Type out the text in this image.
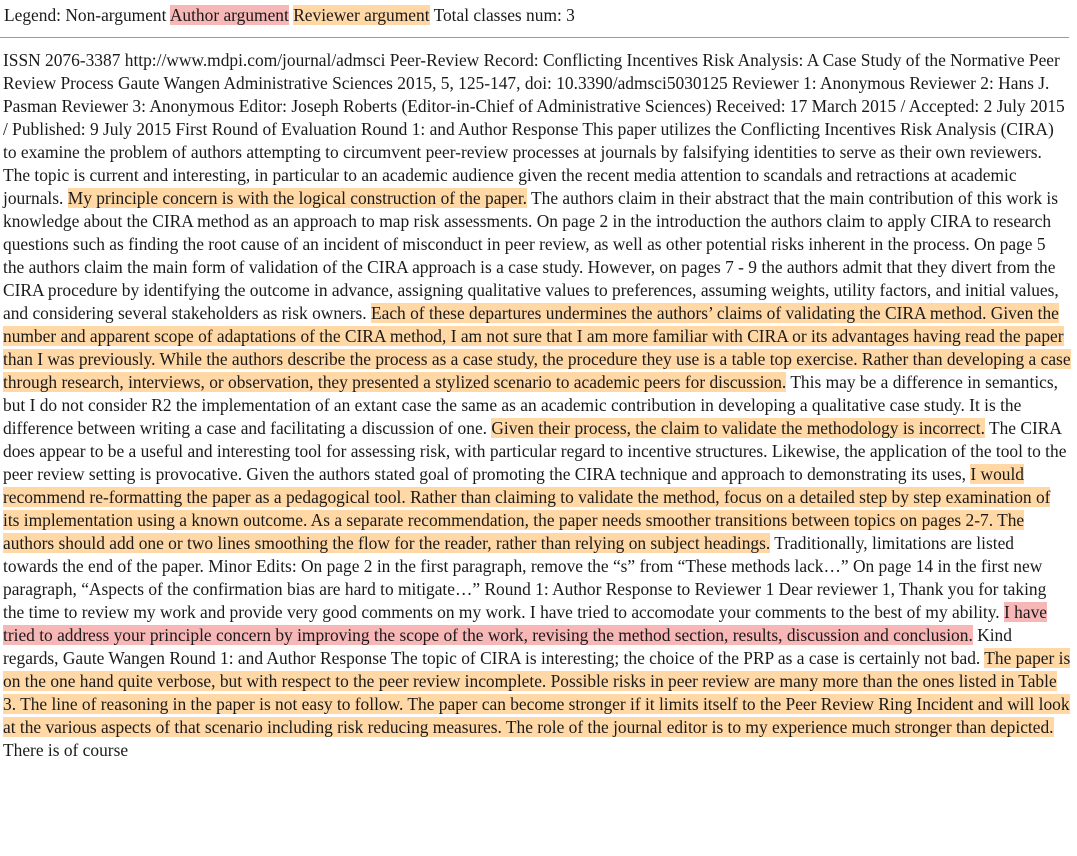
Legend: Non-argument Author argument Reviewer argument Total classes num: 3
ISSN 2076-3387 http://www.mdpi.com/journal/admsci Peer-Review Record: Conflicting Incentives Risk Analysis: A Case Study of the Normative Peer Review Process Gaute Wangen Administrative Sciences 2015, 5, 125-147, doi: 10.3390/admsci5030125 Reviewer 1: Anonymous Reviewer 2: Hans J. Pasman Reviewer 3: Anonymous Editor: Joseph Roberts (Editor-in-Chief of Administrative Sciences) Received: 17 March 2015 / Accepted: 2 July 2015 / Published: 9 July 2015 First Round of Evaluation Round 1: and Author Response This paper utilizes the Conflicting Incentives Risk Analysis (CIRA) to examine the problem of authors attempting to circumvent peer-review processes at journals by falsifying identities to serve as their own reviewers. The topic is current and interesting, in particular to an academic audience given the recent media attention to scandals and retractions at academic journals. My principle concern is with the logical construction of the paper. The authors claim in their abstract that the main contribution of this work is knowledge about the CIRA method as an approach to map risk assessments. On page 2 in the introduction the authors claim to apply CIRA to research questions such as finding the root cause of an incident of misconduct in peer review, as well as other potential risks inherent in the process. On page 5 the authors claim the main form of validation of the CIRA approach is a case study. However, on pages 7 - 9 the authors admit that they divert from the CIRA procedure by identifying the outcome in advance, assigning qualitative values to preferences, assuming weights, utility factors, and initial values, and considering several stakeholders as risk owners. Each of these departures undermines the authors’ claims of validating the CIRA method. Given the number and apparent scope of adaptations of the CIRA method, I am not sure that I am more familiar with CIRA or its advantages having read the paper than I was previously. While the authors describe the process as a case study, the procedure they use is a table top exercise. Rather than developing a case through research, interviews, or observation, they presented a stylized scenario to academic peers for discussion. This may be a difference in semantics, but I do not consider R2 the implementation of an extant case the same as an academic contribution in developing a qualitative case study. It is the difference between writing a case and facilitating a discussion of one. Given their process, the claim to validate the methodology is incorrect. The CIRA does appear to be a useful and interesting tool for assessing risk, with particular regard to incentive structures. Likewise, the application of the tool to the peer review setting is provocative. Given the authors stated goal of promoting the CIRA technique and approach to demonstrating its uses, I would recommend re-formatting the paper as a pedagogical tool. Rather than claiming to validate the method, focus on a detailed step by step examination of its implementation using a known outcome. As a separate recommendation, the paper needs smoother transitions between topics on pages 2-7. The authors should add one or two lines smoothing the flow for the reader, rather than relying on subject headings. Traditionally, limitations are listed towards the end of the paper. Minor Edits: On page 2 in the first paragraph, remove the “s” from “These methods lack…” On page 14 in the first new paragraph, “Aspects of the confirmation bias are hard to mitigate…” Round 1: Author Response to Reviewer 1 Dear reviewer 1, Thank you for taking the time to review my work and provide very good comments on my work. I have tried to accomodate your comments to the best of my ability. I have tried to address your principle concern by improving the scope of the work, revising the method section, results, discussion and conclusion. Kind regards, Gaute Wangen Round 1: and Author Response The topic of CIRA is interesting; the choice of the PRP as a case is certainly not bad. The paper is on the one hand quite verbose, but with respect to the peer review incomplete. Possible risks in peer review are many more than the ones listed in Table 3. The line of reasoning in the paper is not easy to follow. The paper can become stronger if it limits itself to the Peer Review Ring Incident and will look at the various aspects of that scenario including risk reducing measures. The role of the journal editor is to my experience much stronger than depicted. There is of course
